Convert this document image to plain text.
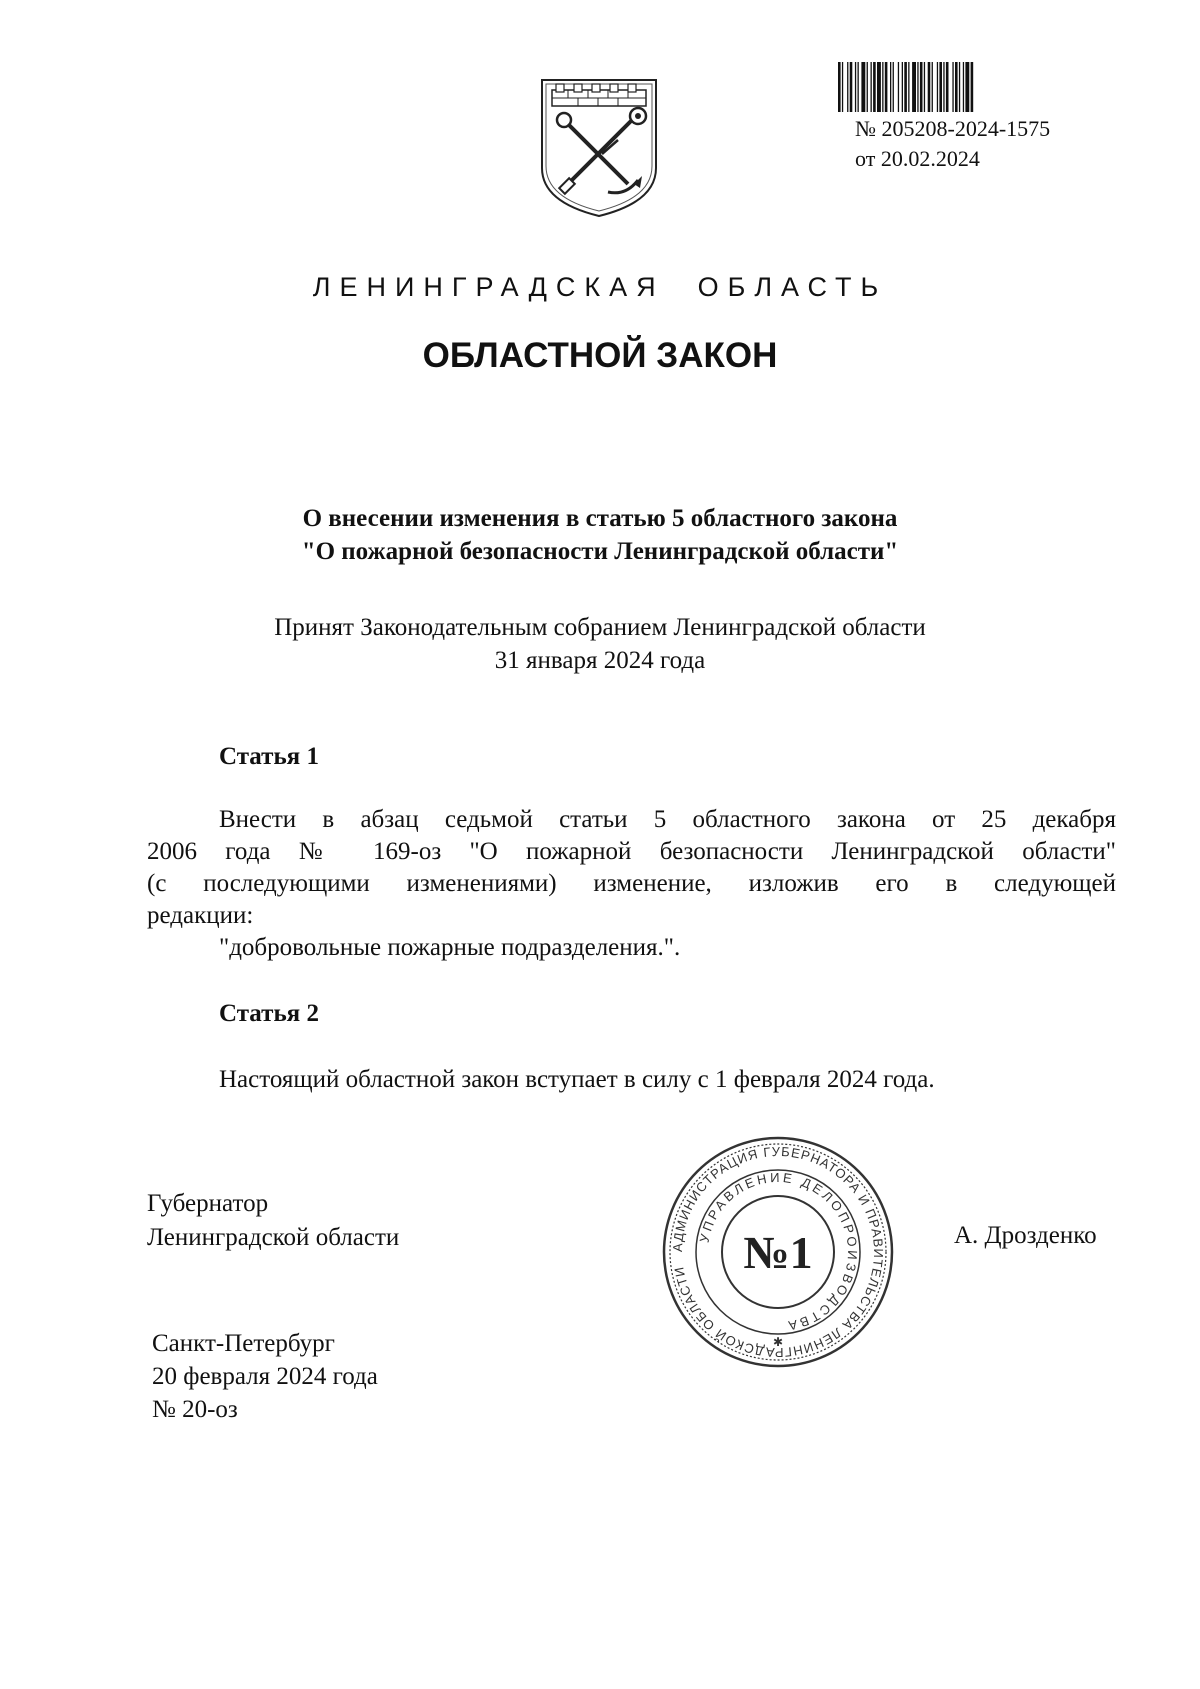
№ 205208-2024-1575
от 20.02.2024
ЛЕНИНГРАДСКАЯ  ОБЛАСТЬ
ОБЛАСТНОЙ ЗАКОН
О внесении изменения в статью 5 областного закона
"О пожарной безопасности Ленинградской области"
Принят Законодательным собранием Ленинградской области
31 января 2024 года
Статья 1
Внести в абзац седьмой статьи 5 областного закона от 25 декабря
2006 года № 169-оз "О пожарной безопасности Ленинградской области"
(с последующими изменениями) изменение, изложив его в следующей
редакции:
"добровольные пожарные подразделения.".
Статья 2
Настоящий областной закон вступает в силу с 1 февраля 2024 года.
Губернатор
Ленинградской области	А. Дрозденко
АДМИНИСТРАЦИЯ ГУБЕРНАТОРА И ПРАВИТЕЛЬСТВА ЛЕНИНГРАДСКОЙ ОБЛАСТИ
УПРАВЛЕНИЕ ДЕЛОПРОИЗВОДСТВА
№1
✱
Санкт-Петербург
20 февраля 2024 года
№ 20-оз
